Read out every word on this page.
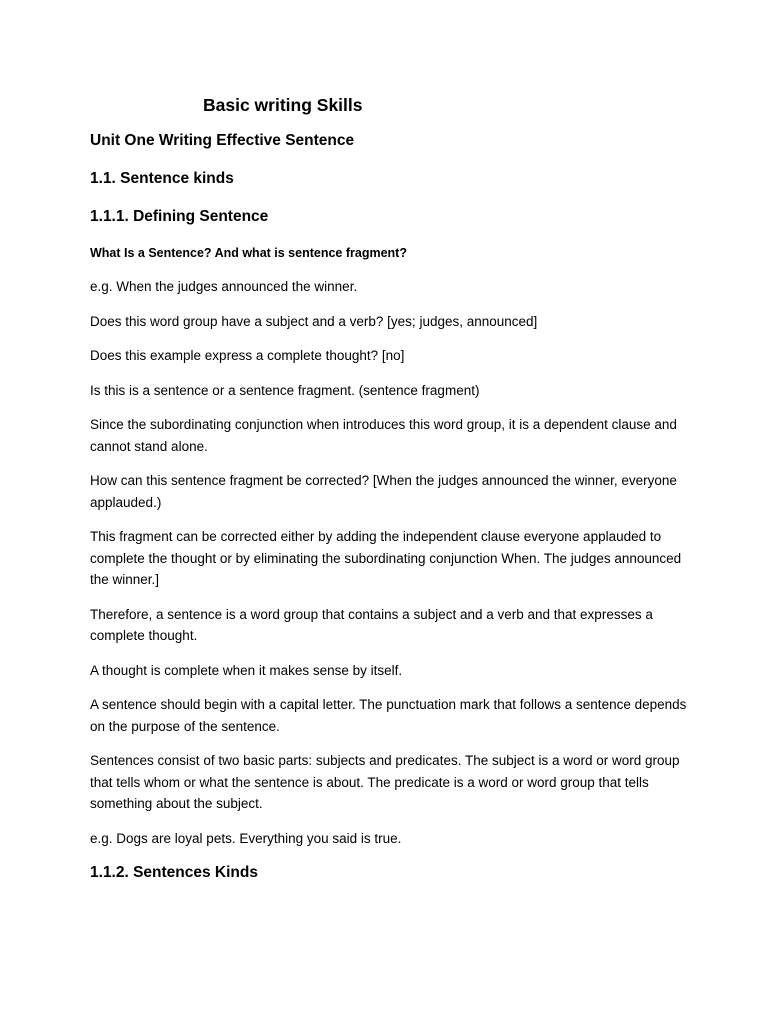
Basic writing Skills
Unit One Writing Effective Sentence
1.1. Sentence kinds
1.1.1. Defining Sentence
What Is a Sentence? And what is sentence fragment?
e.g. When the judges announced the winner.
Does this word group have a subject and a verb? [yes; judges, announced]
Does this example express a complete thought? [no]
Is this is a sentence or a sentence fragment. (sentence fragment)
Since the subordinating conjunction when introduces this word group, it is a dependent clause and cannot stand alone.
How can this sentence fragment be corrected? [When the judges announced the winner, everyone applauded.)
This fragment can be corrected either by adding the independent clause everyone applauded to complete the thought or by eliminating the subordinating conjunction When. The judges announced the winner.]
Therefore, a sentence is a word group that contains a subject and a verb and that expresses a complete thought.
A thought is complete when it makes sense by itself.
A sentence should begin with a capital letter. The punctuation mark that follows a sentence depends on the purpose of the sentence.
Sentences consist of two basic parts: subjects and predicates. The subject is a word or word group that tells whom or what the sentence is about. The predicate is a word or word group that tells something about the subject.
e.g. Dogs are loyal pets. Everything you said is true.
1.1.2. Sentences Kinds
